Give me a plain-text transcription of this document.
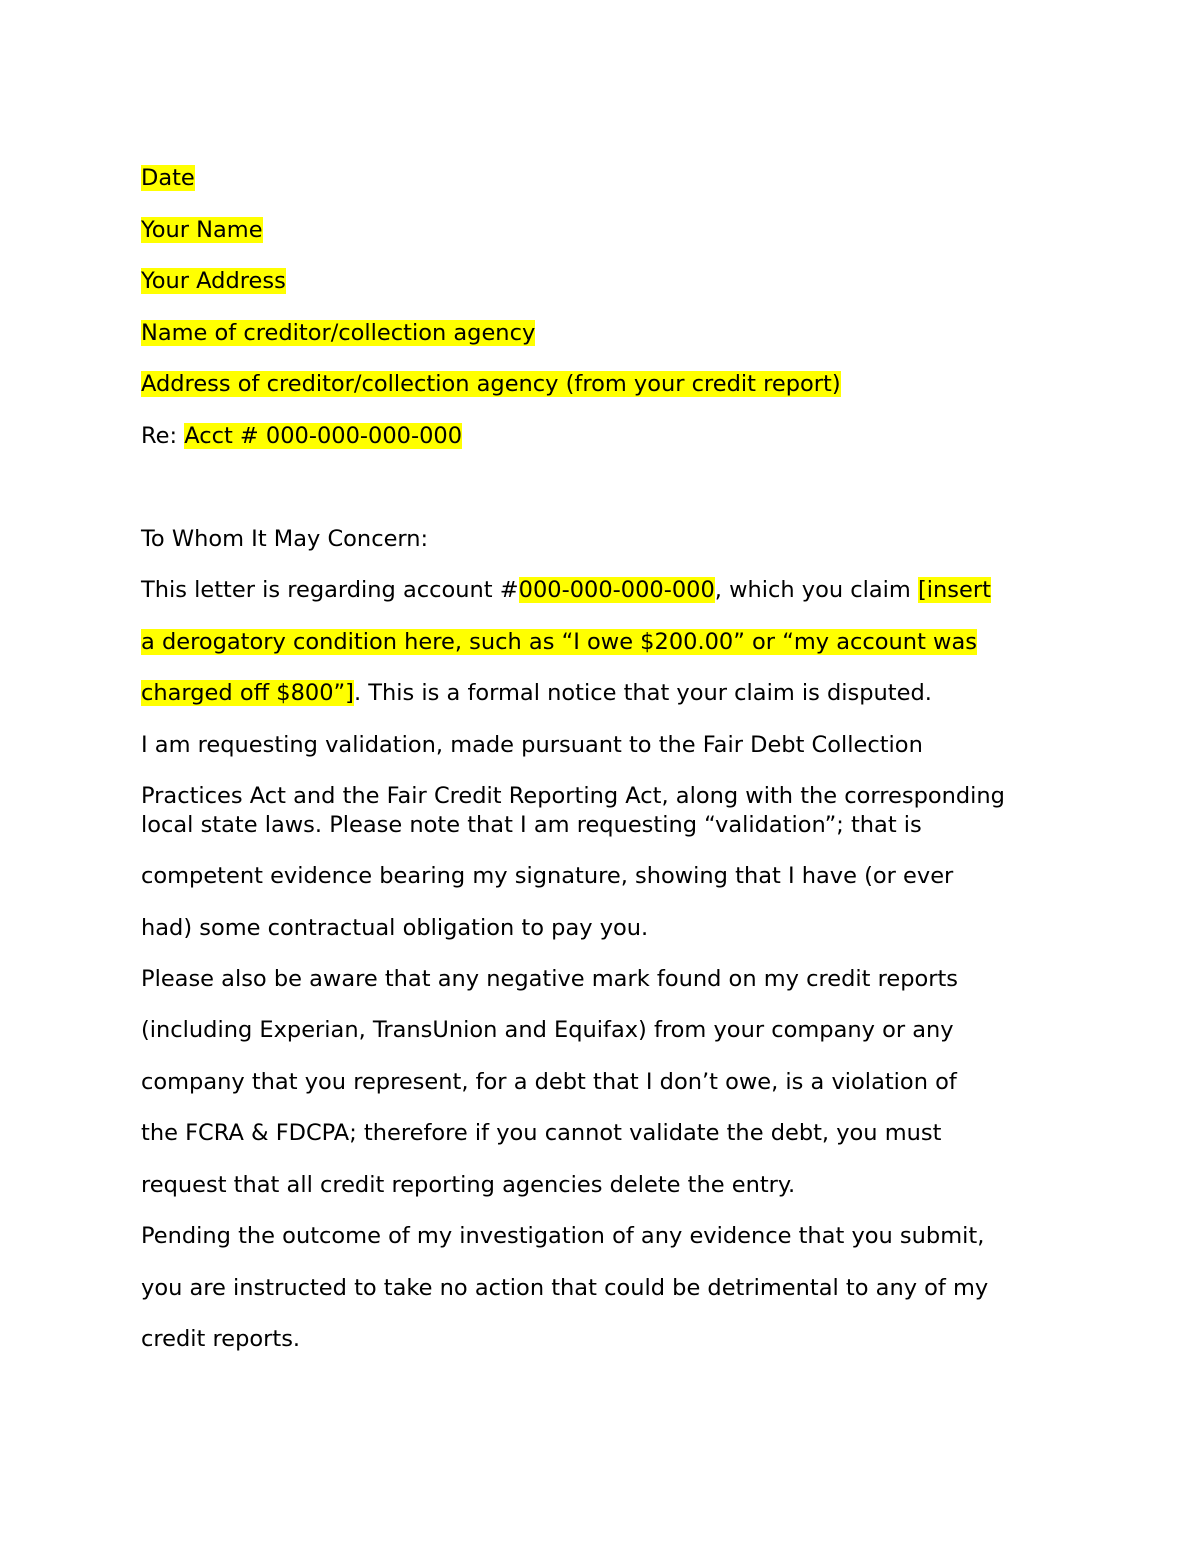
Date
Your Name
Your Address
Name of creditor/collection agency
Address of creditor/collection agency (from your credit report)
Re: Acct # 000-000-000-000
To Whom It May Concern:
This letter is regarding account #000-000-000-000, which you claim [insert
a derogatory condition here, such as “I owe $200.00” or “my account was
charged off $800”]. This is a formal notice that your claim is disputed.
I am requesting validation, made pursuant to the Fair Debt Collection
Practices Act and the Fair Credit Reporting Act, along with the corresponding
local state laws. Please note that I am requesting “validation”; that is
competent evidence bearing my signature, showing that I have (or ever
had) some contractual obligation to pay you.
Please also be aware that any negative mark found on my credit reports
(including Experian, TransUnion and Equifax) from your company or any
company that you represent, for a debt that I don’t owe, is a violation of
the FCRA & FDCPA; therefore if you cannot validate the debt, you must
request that all credit reporting agencies delete the entry.
Pending the outcome of my investigation of any evidence that you submit,
you are instructed to take no action that could be detrimental to any of my
credit reports.
